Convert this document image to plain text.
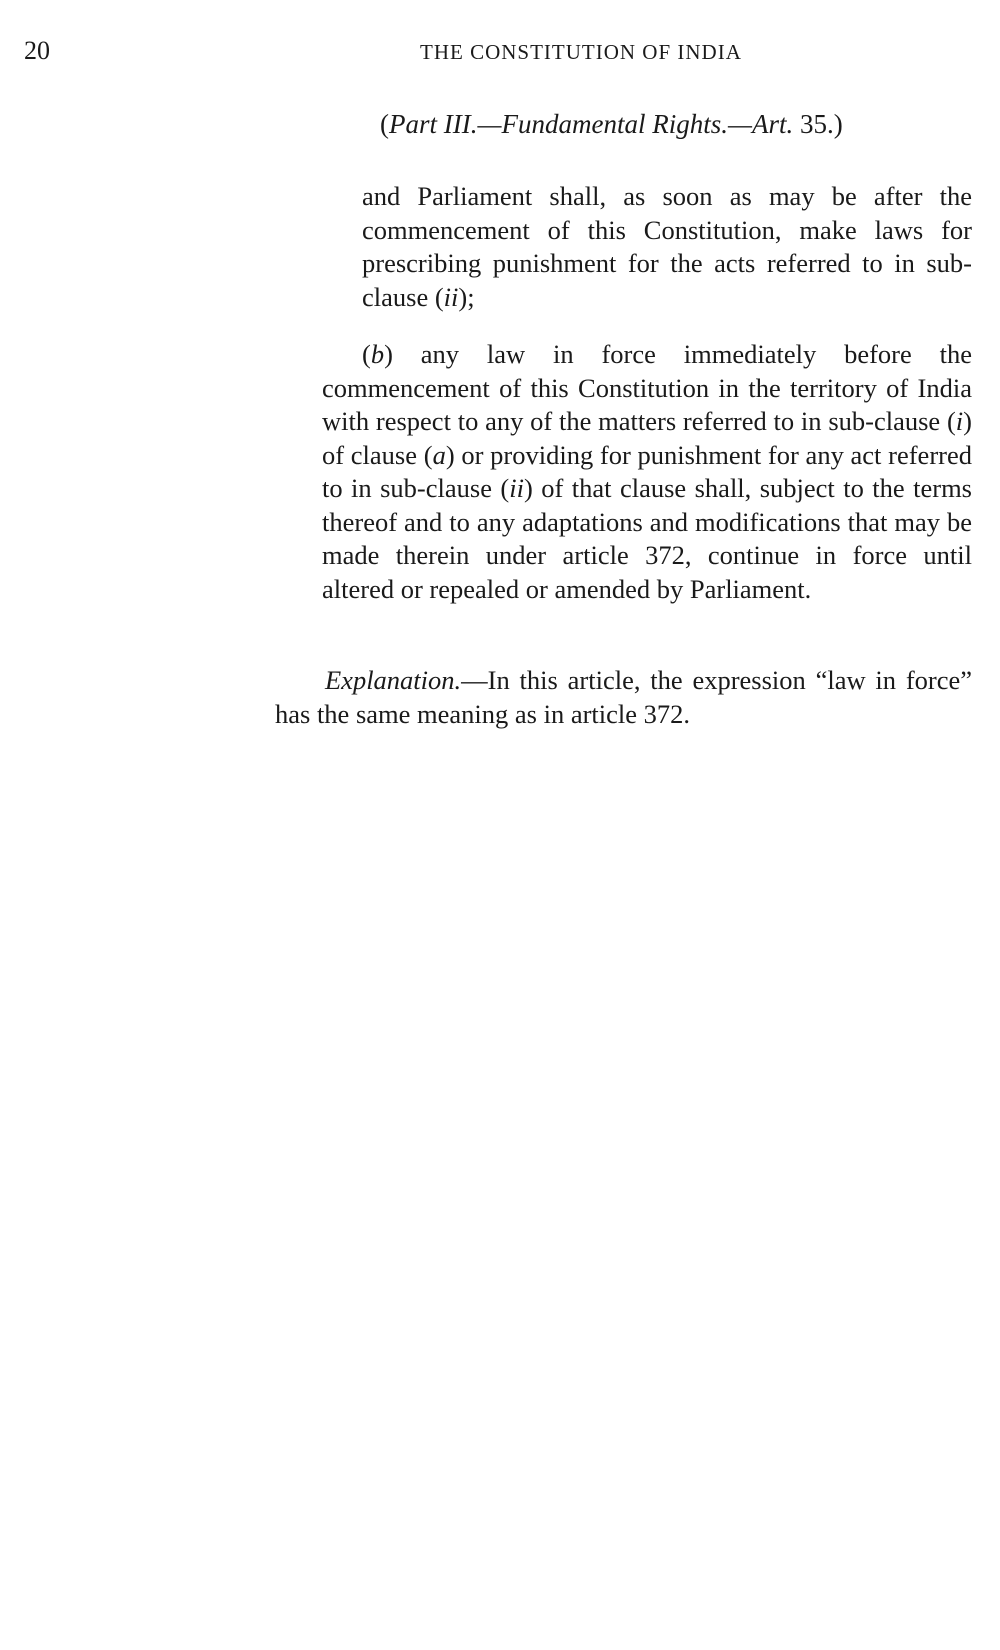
20	THE CONSTITUTION OF INDIA
(Part III.—Fundamental Rights.—Art. 35.)

and Parliament shall, as soon as may be after the commencement of this Constitution, make laws for prescribing punishment for the acts referred to in sub-clause (ii);

(b) any law in force immediately before the commencement of this Constitution in the territory of India with respect to any of the matters referred to in sub-clause (i) of clause (a) or providing for punishment for any act referred to in sub-clause (ii) of that clause shall, subject to the terms thereof and to any adaptations and modifications that may be made therein under article 372, continue in force until altered or repealed or amended by Parliament.

Explanation.—In this article, the expression “law in force” has the same meaning as in article 372.
